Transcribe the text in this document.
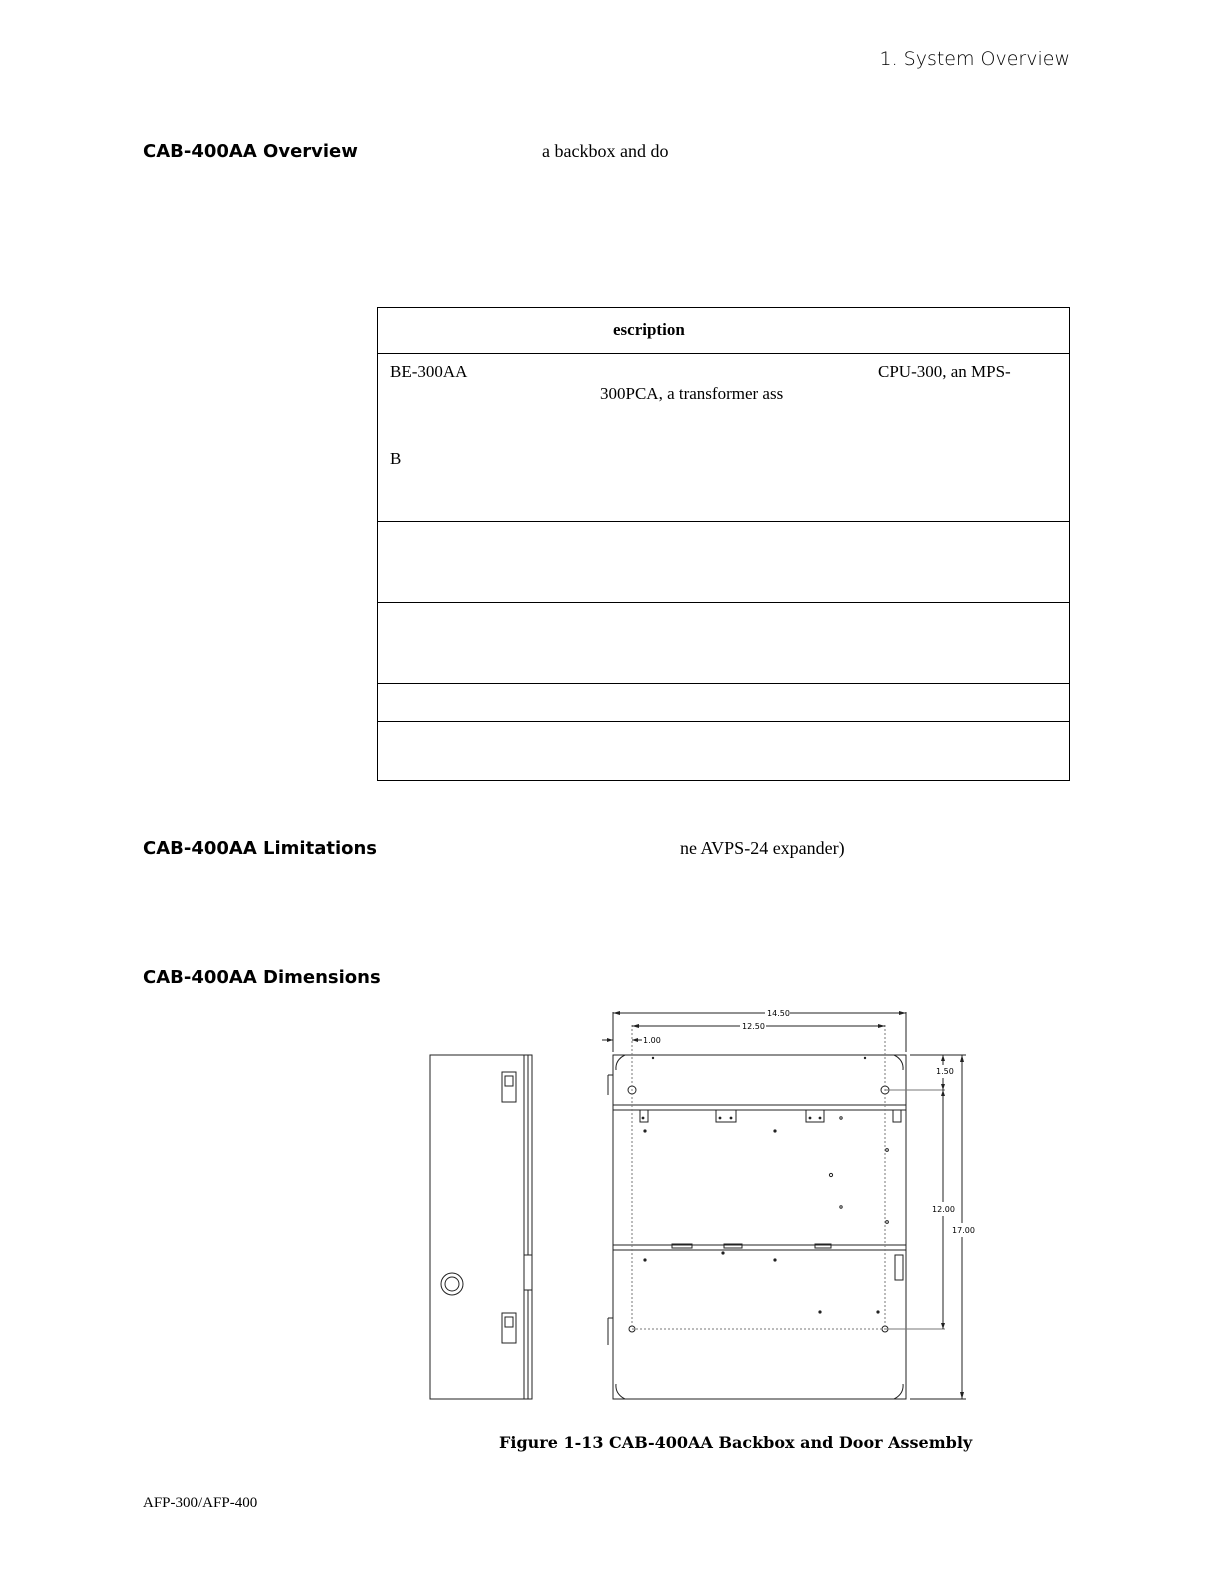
1. System Overview
CAB-400AA Overview	a backbox and do
escription

BE-300AA	CPU-300, an MPS-
300PCA, a transformer ass
B

CAB-400AA Limitations	ne AVPS-24 expander)
CAB-400AA Dimensions
14.50
12.50
1.00
1.50
12.00
17.00
Figure 1-13 CAB-400AA Backbox and Door Assembly
AFP-300/AFP-400
